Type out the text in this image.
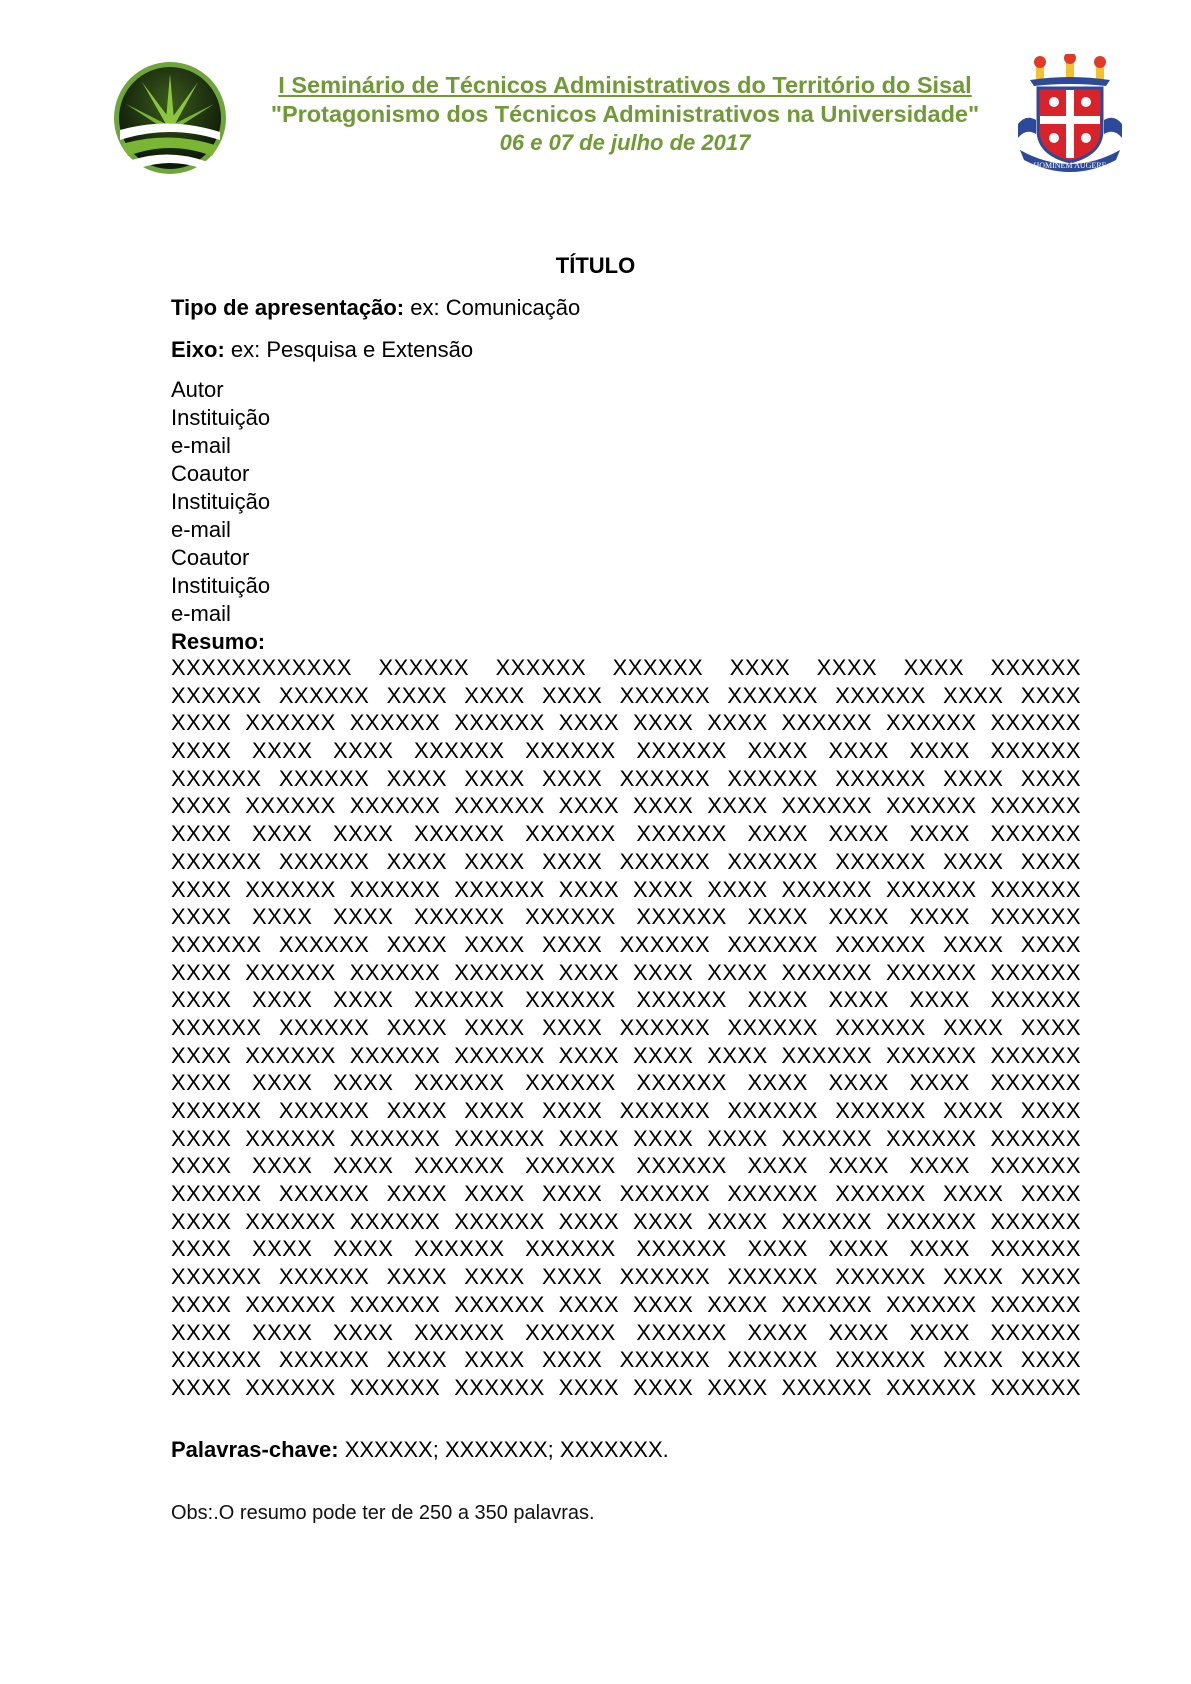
HOMINEM AUGERE
I Seminário de Técnicos Administrativos do Território do Sisal
"Protagonismo dos Técnicos Administrativos na Universidade"
06 e 07 de julho de 2017
TÍTULO
Tipo de apresentação: ex: Comunicação
Eixo: ex: Pesquisa e Extensão
Autor
Instituição
e-mail
Coautor
Instituição
e-mail
Coautor
Instituição
e-mail
Resumo:
XXXXXXXXXXXX XXXXXX XXXXXX XXXXXX XXXX XXXX XXXX XXXXXX
XXXXXX XXXXXX XXXX XXXX XXXX XXXXXX XXXXXX XXXXXX XXXX XXXX
XXXX XXXXXX XXXXXX XXXXXX XXXX XXXX XXXX XXXXXX XXXXXX XXXXXX
XXXX XXXX XXXX XXXXXX XXXXXX XXXXXX XXXX XXXX XXXX XXXXXX
XXXXXX XXXXXX XXXX XXXX XXXX XXXXXX XXXXXX XXXXXX XXXX XXXX
XXXX XXXXXX XXXXXX XXXXXX XXXX XXXX XXXX XXXXXX XXXXXX XXXXXX
XXXX XXXX XXXX XXXXXX XXXXXX XXXXXX XXXX XXXX XXXX XXXXXX
XXXXXX XXXXXX XXXX XXXX XXXX XXXXXX XXXXXX XXXXXX XXXX XXXX
XXXX XXXXXX XXXXXX XXXXXX XXXX XXXX XXXX XXXXXX XXXXXX XXXXXX
XXXX XXXX XXXX XXXXXX XXXXXX XXXXXX XXXX XXXX XXXX XXXXXX
XXXXXX XXXXXX XXXX XXXX XXXX XXXXXX XXXXXX XXXXXX XXXX XXXX
XXXX XXXXXX XXXXXX XXXXXX XXXX XXXX XXXX XXXXXX XXXXXX XXXXXX
XXXX XXXX XXXX XXXXXX XXXXXX XXXXXX XXXX XXXX XXXX XXXXXX
XXXXXX XXXXXX XXXX XXXX XXXX XXXXXX XXXXXX XXXXXX XXXX XXXX
XXXX XXXXXX XXXXXX XXXXXX XXXX XXXX XXXX XXXXXX XXXXXX XXXXXX
XXXX XXXX XXXX XXXXXX XXXXXX XXXXXX XXXX XXXX XXXX XXXXXX
XXXXXX XXXXXX XXXX XXXX XXXX XXXXXX XXXXXX XXXXXX XXXX XXXX
XXXX XXXXXX XXXXXX XXXXXX XXXX XXXX XXXX XXXXXX XXXXXX XXXXXX
XXXX XXXX XXXX XXXXXX XXXXXX XXXXXX XXXX XXXX XXXX XXXXXX
XXXXXX XXXXXX XXXX XXXX XXXX XXXXXX XXXXXX XXXXXX XXXX XXXX
XXXX XXXXXX XXXXXX XXXXXX XXXX XXXX XXXX XXXXXX XXXXXX XXXXXX
XXXX XXXX XXXX XXXXXX XXXXXX XXXXXX XXXX XXXX XXXX XXXXXX
XXXXXX XXXXXX XXXX XXXX XXXX XXXXXX XXXXXX XXXXXX XXXX XXXX
XXXX XXXXXX XXXXXX XXXXXX XXXX XXXX XXXX XXXXXX XXXXXX XXXXXX
XXXX XXXX XXXX XXXXXX XXXXXX XXXXXX XXXX XXXX XXXX XXXXXX
XXXXXX XXXXXX XXXX XXXX XXXX XXXXXX XXXXXX XXXXXX XXXX XXXX
XXXX XXXXXX XXXXXX XXXXXX XXXX XXXX XXXX XXXXXX XXXXXX XXXXXX
Palavras-chave: XXXXXX; XXXXXXX; XXXXXXX.
Obs:.O resumo pode ter de 250 a 350 palavras.
